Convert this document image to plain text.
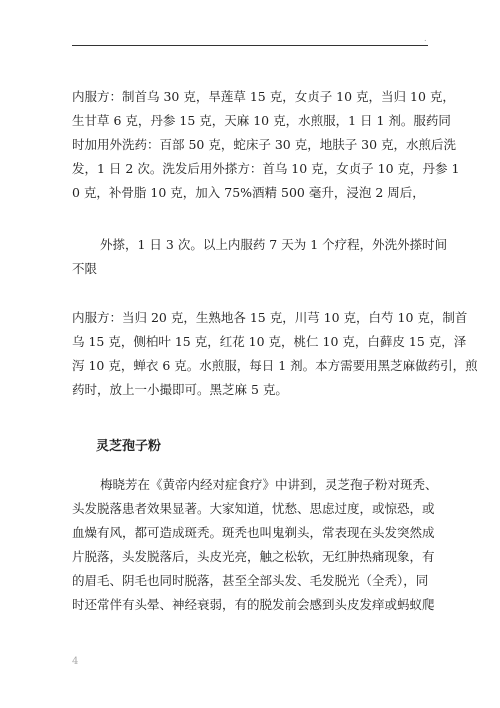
.
内服方：制首乌 30 克，旱莲草 15 克，女贞子 10 克，当归 10 克，
生甘草 6 克，丹参 15 克，天麻 10 克，水煎服，1 日 1 剂。服药同
时加用外洗药：百部 50 克，蛇床子 30 克，地肤子 30 克，水煎后洗
发，1 日 2 次。洗发后用外搽方：首乌 10 克，女贞子 10 克，丹参 1
0 克，补骨脂 10 克，加入 75%酒精 500 毫升，浸泡 2 周后，
外搽，1 日 3 次。以上内服药 7 天为 1 个疗程，外洗外搽时间
不限
内服方：当归 20 克，生熟地各 15 克，川芎 10 克，白芍 10 克，制首
乌 15 克，侧柏叶 15 克，红花 10 克，桃仁 10 克，白藓皮 15 克，泽
泻 10 克，蝉衣 6 克。水煎服，每日 1 剂。本方需要用黑芝麻做药引，煎
药时，放上一小撮即可。黑芝麻 5 克。
灵芝孢子粉
梅晓芳在《黄帝内经对症食疗》中讲到，灵芝孢子粉对斑秃、
头发脱落患者效果显著。大家知道，忧愁、思虑过度，或惊恐，或
血燥有风，都可造成斑秃。斑秃也叫鬼剃头，常表现在头发突然成
片脱落，头发脱落后，头皮光亮，触之松软，无红肿热痛现象，有
的眉毛、阴毛也同时脱落，甚至全部头发、毛发脱光（全秃），同
时还常伴有头晕、神经衰弱，有的脱发前会感到头皮发痒或蚂蚁爬
4
